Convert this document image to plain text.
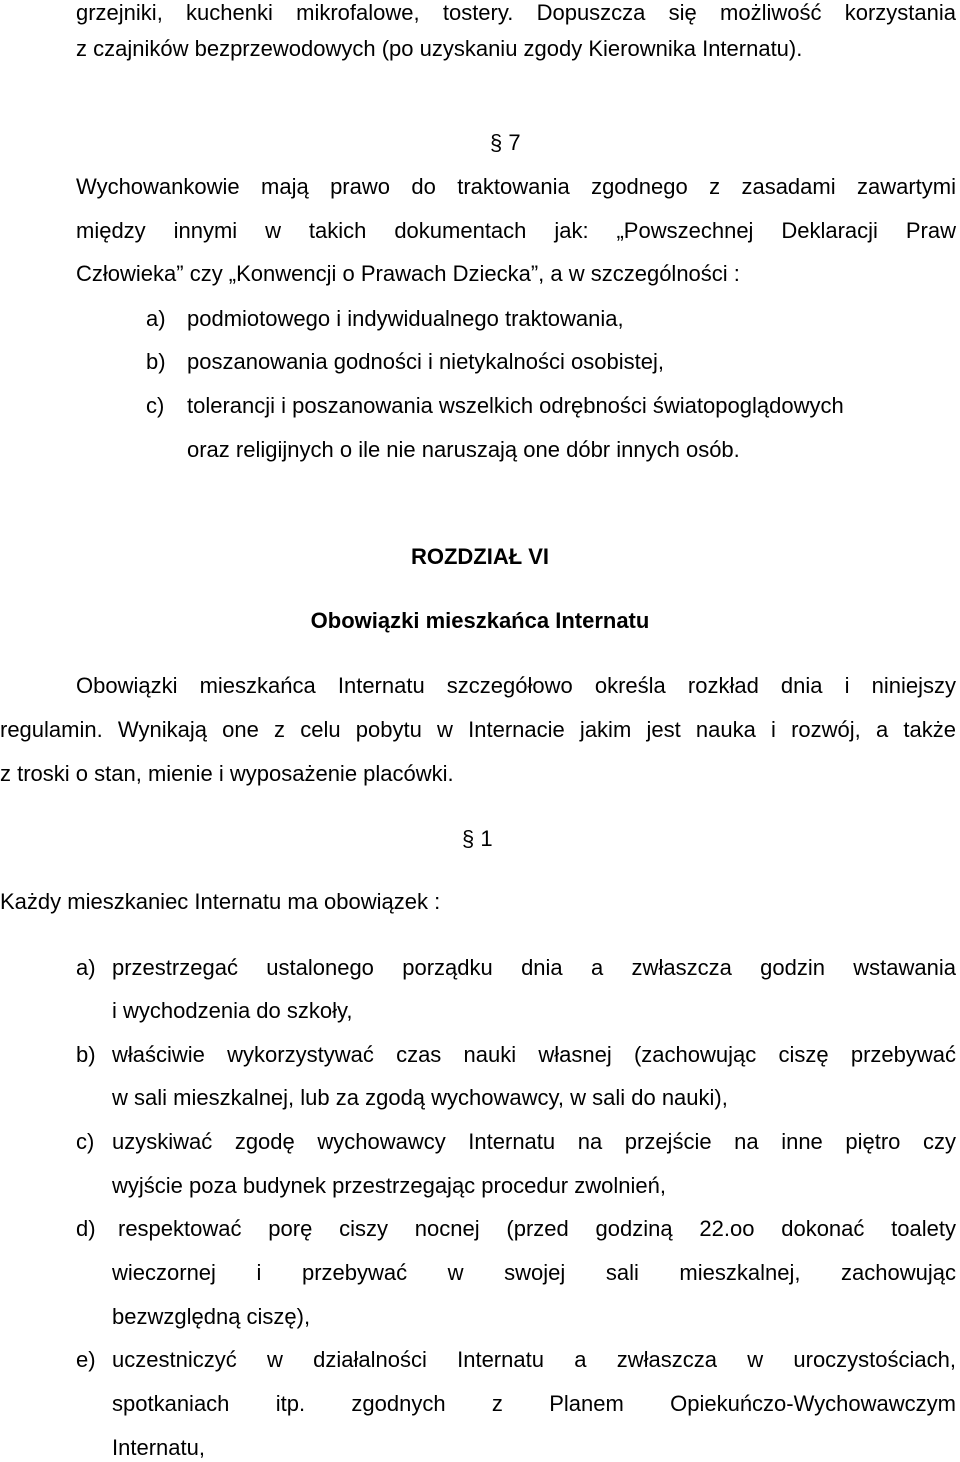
grzejniki, kuchenki mikrofalowe, tostery. Dopuszcza się możliwość korzystania

z czajników bezprzewodowych (po uzyskaniu zgody Kierownika Internatu).

§ 7

Wychowankowie mają prawo do traktowania zgodnego z zasadami zawartymi

między innymi w takich dokumentach jak: „Powszechnej Deklaracji Praw

Człowieka” czy „Konwencji o Prawach Dziecka”, a w szczególności :

a) podmiotowego i indywidualnego traktowania,

b) poszanowania godności i nietykalności osobistej,

c) tolerancji i poszanowania wszelkich odrębności światopoglądowych

oraz religijnych o ile nie naruszają one dóbr innych osób.

ROZDZIAŁ VI

Obowiązki mieszkańca Internatu

Obowiązki mieszkańca Internatu szczegółowo określa rozkład dnia i niniejszy

regulamin. Wynikają one z celu pobytu w Internacie jakim jest nauka i rozwój, a także

z troski o stan, mienie i wyposażenie placówki.

§ 1

Każdy mieszkaniec Internatu ma obowiązek :

a) przestrzegać ustalonego porządku dnia a zwłaszcza godzin wstawania

i wychodzenia do szkoły,

b) właściwie wykorzystywać czas nauki własnej (zachowując ciszę przebywać

w sali mieszkalnej, lub za zgodą wychowawcy, w sali do nauki),

c) uzyskiwać zgodę wychowawcy Internatu na przejście na inne piętro czy

wyjście poza budynek przestrzegając procedur zwolnień,

d) respektować porę ciszy nocnej (przed godziną 22.oo dokonać toalety

wieczornej i przebywać w swojej sali mieszkalnej, zachowując

bezwzględną ciszę),

e) uczestniczyć w działalności Internatu a zwłaszcza w uroczystościach,

spotkaniach itp. zgodnych z Planem Opiekuńczo-Wychowawczym

Internatu,
